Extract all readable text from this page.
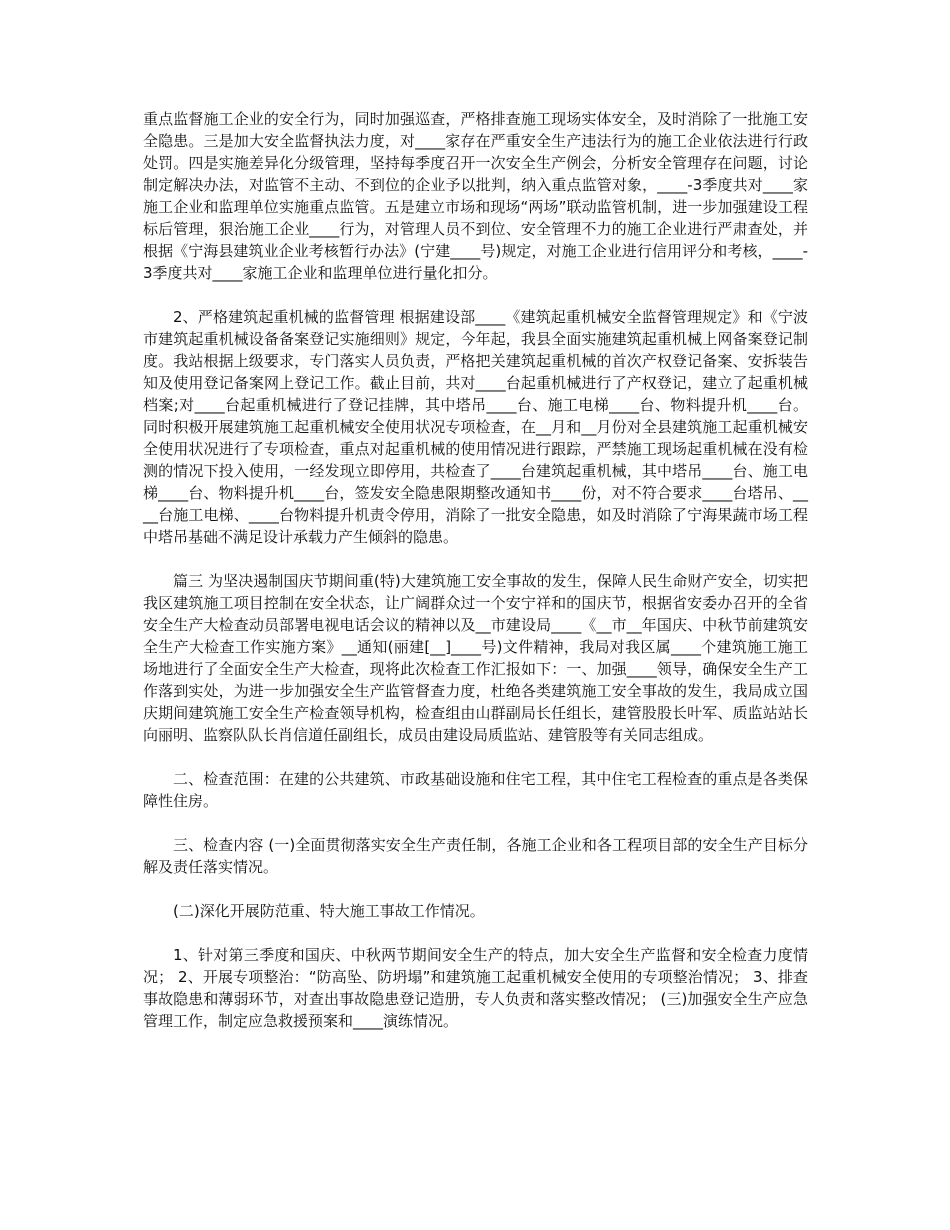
重点监督施工企业的安全行为，同时加强巡查，严格排查施工现场实体安全，及时消除了一批施工安全隐患。三是加大安全监督执法力度，对____家存在严重安全生产违法行为的施工企业依法进行行政处罚。四是实施差异化分级管理，坚持每季度召开一次安全生产例会，分析安全管理存在问题，讨论制定解决办法，对监管不主动、不到位的企业予以批判，纳入重点监管对象，____-3季度共对____家施工企业和监理单位实施重点监管。五是建立市场和现场“两场”联动监管机制，进一步加强建设工程标后管理，狠治施工企业____行为，对管理人员不到位、安全管理不力的施工企业进行严肃查处，并根据《宁海县建筑业企业考核暂行办法》(宁建____号)规定，对施工企业进行信用评分和考核，____-3季度共对____家施工企业和监理单位进行量化扣分。

2、严格建筑起重机械的监督管理 根据建设部____《建筑起重机械安全监督管理规定》和《宁波市建筑起重机械设备备案登记实施细则》规定，今年起，我县全面实施建筑起重机械上网备案登记制度。我站根据上级要求，专门落实人员负责，严格把关建筑起重机械的首次产权登记备案、安拆装告知及使用登记备案网上登记工作。截止目前，共对____台起重机械进行了产权登记，建立了起重机械档案;对____台起重机械进行了登记挂牌，其中塔吊____台、施工电梯____台、物料提升机____台。同时积极开展建筑施工起重机械安全使用状况专项检查，在__月和__月份对全县建筑施工起重机械安全使用状况进行了专项检查，重点对起重机械的使用情况进行跟踪，严禁施工现场起重机械在没有检测的情况下投入使用，一经发现立即停用，共检查了____台建筑起重机械，其中塔吊____台、施工电梯____台、物料提升机____台，签发安全隐患限期整改通知书____份，对不符合要求____台塔吊、____台施工电梯、____台物料提升机责令停用，消除了一批安全隐患，如及时消除了宁海果蔬市场工程中塔吊基础不满足设计承载力产生倾斜的隐患。

篇三 为坚决遏制国庆节期间重(特)大建筑施工安全事故的发生，保障人民生命财产安全，切实把我区建筑施工项目控制在安全状态，让广阔群众过一个安宁祥和的国庆节，根据省安委办召开的全省安全生产大检查动员部署电视电话会议的精神以及__市建设局____《__市__年国庆、中秋节前建筑安全生产大检查工作实施方案》__通知(丽建[__]____号)文件精神，我局对我区属____个建筑施工施工场地进行了全面安全生产大检查，现将此次检查工作汇报如下：一、加强____领导，确保安全生产工作落到实处，为进一步加强安全生产监管督查力度，杜绝各类建筑施工安全事故的发生，我局成立国庆期间建筑施工安全生产检查领导机构，检查组由山群副局长任组长，建管股股长叶军、质监站站长向丽明、监察队队长肖信道任副组长，成员由建设局质监站、建管股等有关同志组成。

二、检查范围：在建的公共建筑、市政基础设施和住宅工程，其中住宅工程检查的重点是各类保障性住房。

三、检查内容 (一)全面贯彻落实安全生产责任制，各施工企业和各工程项目部的安全生产目标分解及责任落实情况。

(二)深化开展防范重、特大施工事故工作情况。

1、针对第三季度和国庆、中秋两节期间安全生产的特点，加大安全生产监督和安全检查力度情况； 2、开展专项整治：“防高坠、防坍塌”和建筑施工起重机械安全使用的专项整治情况； 3、排查事故隐患和薄弱环节，对查出事故隐患登记造册，专人负责和落实整改情况； (三)加强安全生产应急管理工作，制定应急救援预案和____演练情况。
